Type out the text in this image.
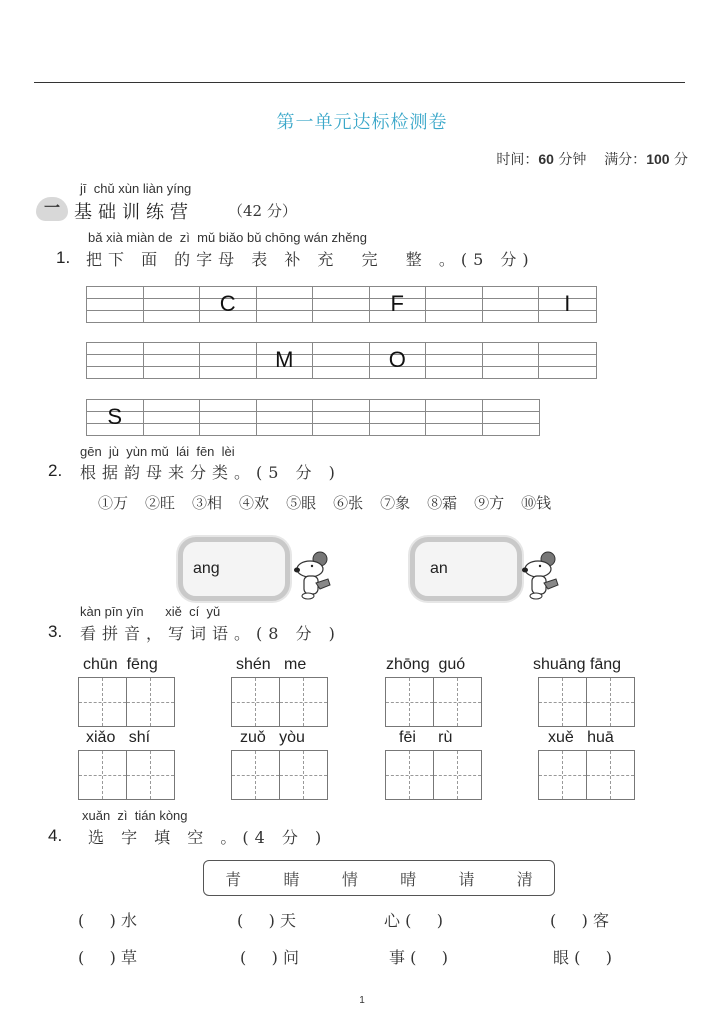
第一单元达标检测卷
时间：60 分钟 满分：100 分
jī  chǔ xùn liàn yíng
一 基础训练营 （42 分）
bǎ xià miàn de  zì  mǔ biǎo bǔ chōng wán zhěng
1. 把下 面 的字母 表 补 充  完  整 。(5 分)
C	F	I
M	O
S
gēn  jù  yùn mǔ  lái  fēn  lèi
2. 根据韵母来分类。(5 分 )
①万 ②旺 ③相 ④欢 ⑤眼 ⑥张 ⑦象 ⑧霜 ⑨方 ⑩钱
ang	an
kàn pīn yīn      xiě  cí  yǔ
3. 看拼音，写词语。(8 分 )
chūn  fēng	shén   me	zhōng  guó	shuāng fāng
xiǎo   shí	zuǒ   yòu	fēi     rù	xuě   huā
xuǎn  zì  tián kòng
4. 选 字 填 空 。(4 分 )
青	睛	情	晴	请	清
(     ) 水	(     ) 天	心 (     )	(     ) 客
(     ) 草	(     ) 问	事 (     )	眼 (     )
1
